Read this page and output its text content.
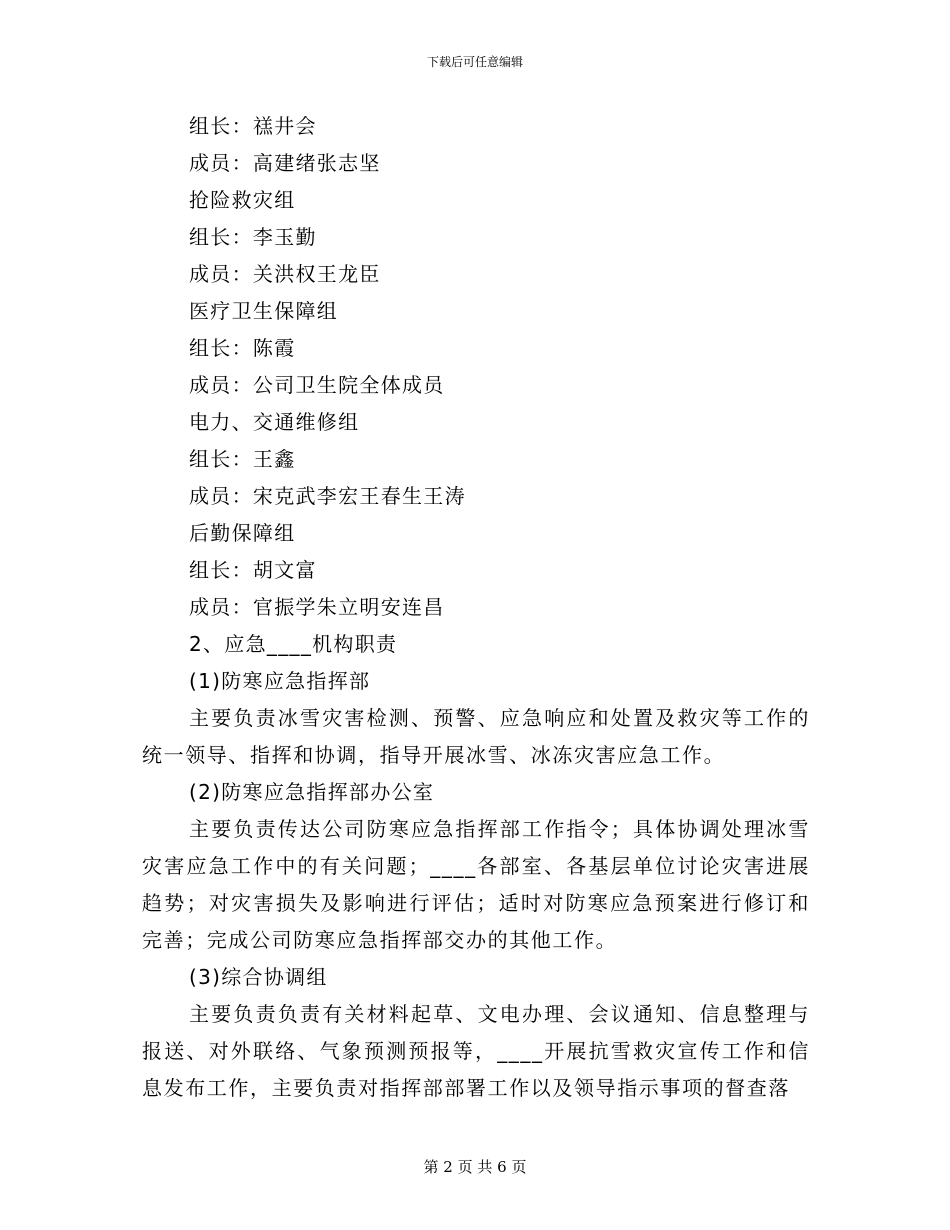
下载后可任意编辑

组长：禚井会

成员：高建绪张志坚

抢险救灾组

组长：李玉勤

成员：关洪权王龙臣

医疗卫生保障组

组长：陈霞

成员：公司卫生院全体成员

电力、交通维修组

组长：王鑫

成员：宋克武李宏王春生王涛

后勤保障组

组长：胡文富

成员：官振学朱立明安连昌

2、应急____机构职责

(1)防寒应急指挥部

主要负责冰雪灾害检测、预警、应急响应和处置及救灾等工作的统一领导、指挥和协调，指导开展冰雪、冰冻灾害应急工作。

(2)防寒应急指挥部办公室

主要负责传达公司防寒应急指挥部工作指令；具体协调处理冰雪灾害应急工作中的有关问题；____各部室、各基层单位讨论灾害进展趋势；对灾害损失及影响进行评估；适时对防寒应急预案进行修订和完善；完成公司防寒应急指挥部交办的其他工作。

(3)综合协调组

主要负责负责有关材料起草、文电办理、会议通知、信息整理与报送、对外联络、气象预测预报等，____开展抗雪救灾宣传工作和信息发布工作，主要负责对指挥部部署工作以及领导指示事项的督查落

第 2 页 共 6 页
